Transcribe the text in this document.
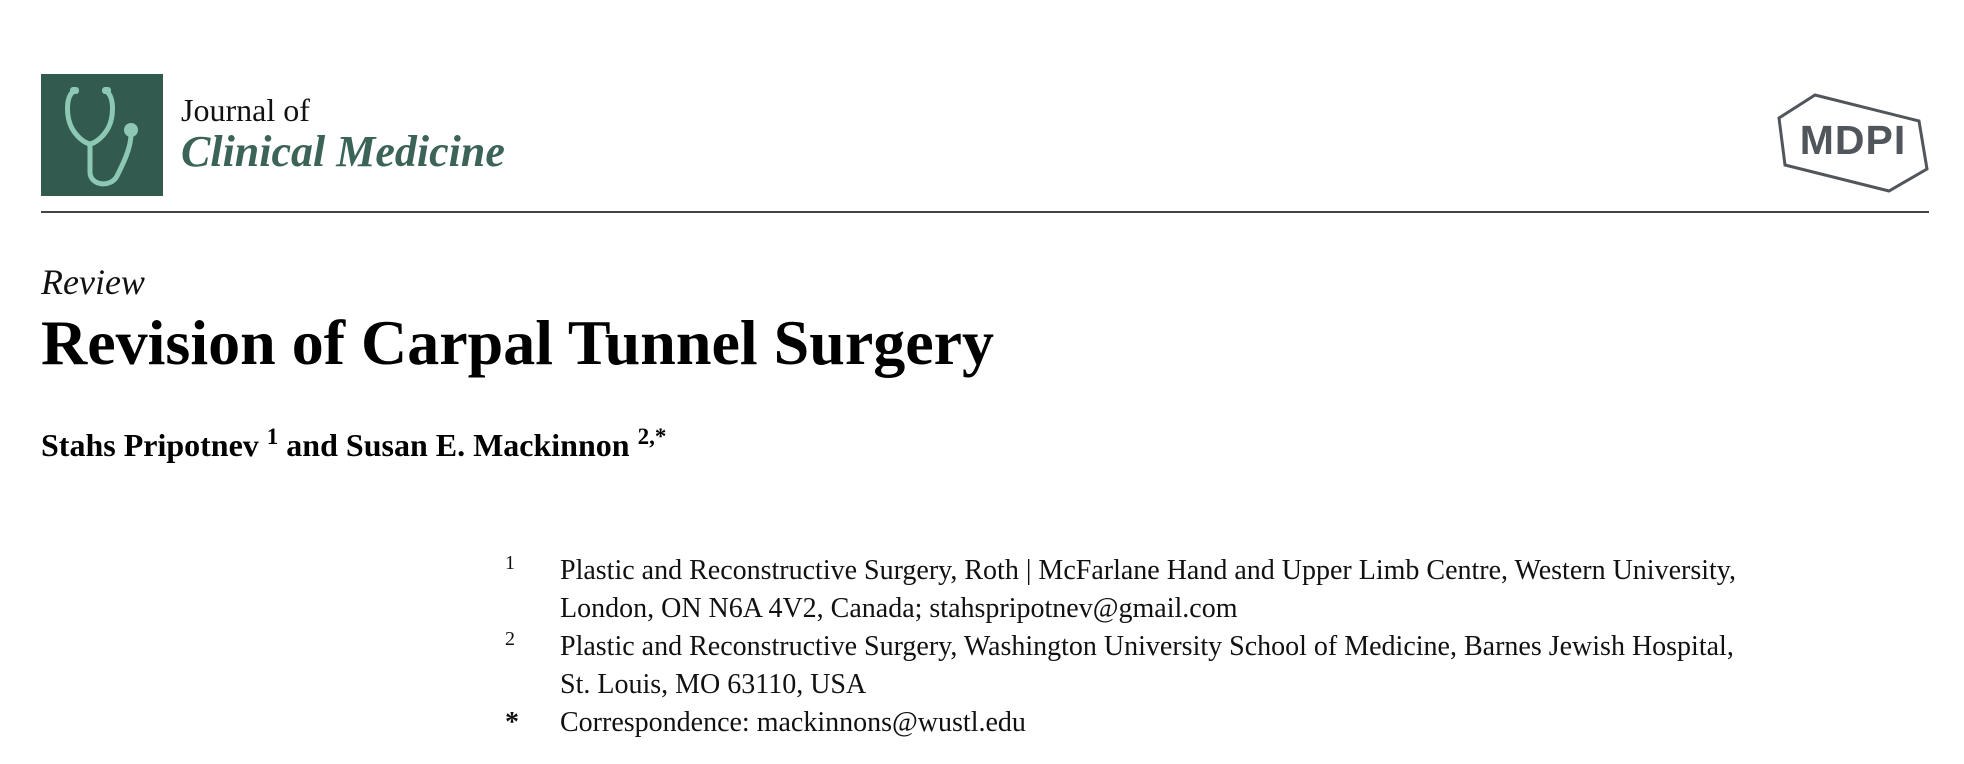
Journal of
Clinical Medicine	MDPI
Review
Revision of Carpal Tunnel Surgery
Stahs Pripotnev $^1$ and Susan E. Mackinnon $^{2,*}$
1 Plastic and Reconstructive Surgery, Roth | McFarlane Hand and Upper Limb Centre, Western University,
London, ON N6A 4V2, Canada; stahspripotnev@gmail.com
2 Plastic and Reconstructive Surgery, Washington University School of Medicine, Barnes Jewish Hospital,
St. Louis, MO 63110, USA
* Correspondence: mackinnons@wustl.edu
